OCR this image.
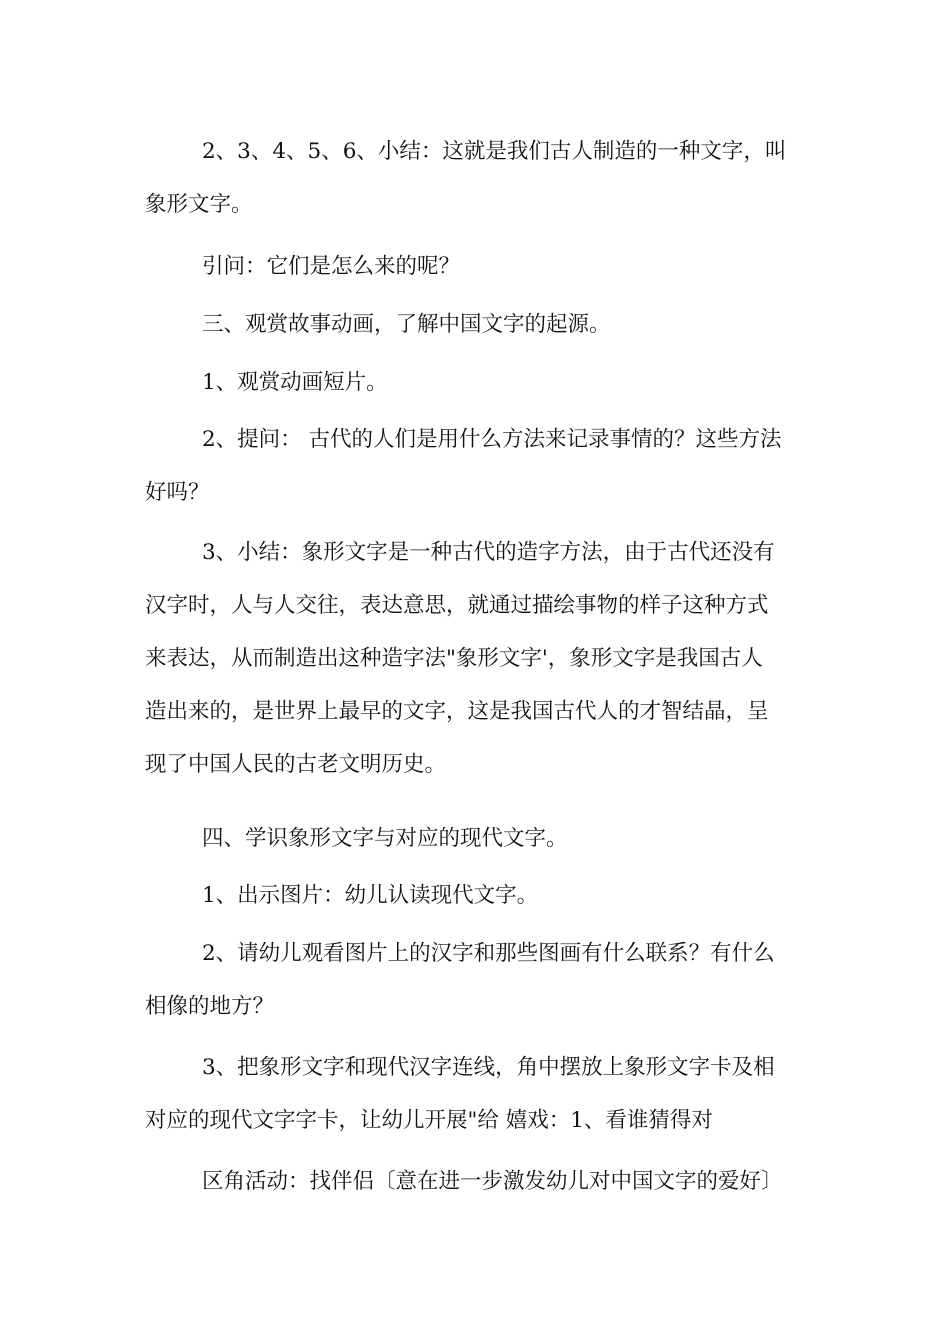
2、3、4、5、6、小结：这就是我们古人制造的一种文字，叫
象形文字。
引问：它们是怎么来的呢？
三、观赏故事动画，了解中国文字的起源。
1、观赏动画短片。
2、提问： 古代的人们是用什么方法来记录事情的？这些方法
好吗？
3、小结：象形文字是一种古代的造字方法，由于古代还没有
汉字时，人与人交往，表达意思，就通过描绘事物的样子这种方式
来表达，从而制造出这种造字法"象形文字'，象形文字是我国古人
造出来的，是世界上最早的文字，这是我国古代人的才智结晶，呈
现了中国人民的古老文明历史。
四、学识象形文字与对应的现代文字。
1、出示图片：幼儿认读现代文字。
2、请幼儿观看图片上的汉字和那些图画有什么联系？有什么
相像的地方？
3、把象形文字和现代汉字连线，角中摆放上象形文字卡及相
对应的现代文字字卡，让幼儿开展"给 嬉戏：1、看谁猜得对
区角活动：找伴侣〔意在进一步激发幼儿对中国文字的爱好〕
